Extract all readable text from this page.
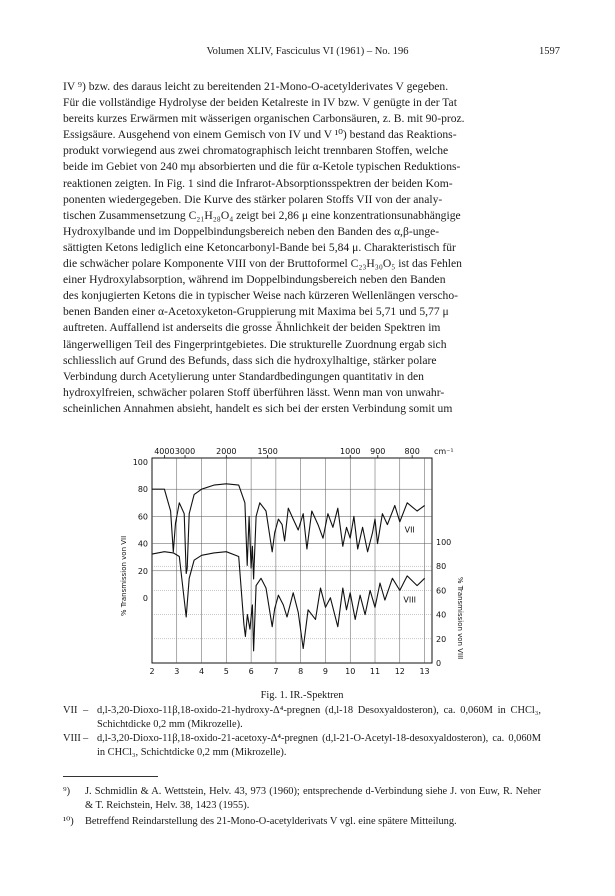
Volumen XLIV, Fasciculus VI (1961) – No. 196	1597

IV ⁹) bzw. des daraus leicht zu bereitenden 21-Mono-O-acetylderivates V gegeben.

Für die vollständige Hydrolyse der beiden Ketalreste in IV bzw. V genügte in der Tat

bereits kurzes Erwärmen mit wässerigen organischen Carbonsäuren, z. B. mit 90-proz.

Essigsäure. Ausgehend von einem Gemisch von IV und V ¹⁰) bestand das Reaktions-

produkt vorwiegend aus zwei chromatographisch leicht trennbaren Stoffen, welche

beide im Gebiet von 240 mμ absorbierten und die für α-Ketole typischen Reduktions-

reaktionen zeigten. In Fig. 1 sind die Infrarot-Absorptionsspektren der beiden Kom-

ponenten wiedergegeben. Die Kurve des stärker polaren Stoffs VII von der analy-

tischen Zusammensetzung C₂₁H₂₈O₄ zeigt bei 2,86 μ eine konzentrationsunabhängige

Hydroxylbande und im Doppelbindungsbereich neben den Banden des α,β-unge-

sättigten Ketons lediglich eine Ketoncarbonyl-Bande bei 5,84 μ. Charakteristisch für

die schwächer polare Komponente VIII von der Bruttoformel C₂₃H₃₀O₅ ist das Fehlen

einer Hydroxylabsorption, während im Doppelbindungsbereich neben den Banden

des konjugierten Ketons die in typischer Weise nach kürzeren Wellenlängen verscho-

benen Banden einer α-Acetoxyketon-Gruppierung mit Maxima bei 5,71 und 5,77 μ

auftreten. Auffallend ist anderseits die grosse Ähnlichkeit der beiden Spektren im

längerwelligen Teil des Fingerprintgebietes. Die strukturelle Zuordnung ergab sich

schliesslich auf Grund des Befunds, dass sich die hydroxylhaltige, stärker polare

Verbindung durch Acetylierung unter Standardbedingungen quantitativ in den

hydroxylfreien, schwächer polaren Stoff überführen lässt. Wenn man von unwahr-

scheinlichen Annahmen absieht, handelt es sich bei der ersten Verbindung somit um

100
80
60
40
20
0
100
80
60
40
20
0
2 3 4 5 6 7 8 9 10 11 12 13
4000 3000	2000	1500	1000 900 800 cm⁻¹
VII
VIII
% Transmission von VII
% Transmission von VIII
Fig. 1. IR.-Spektren
VII – d,l-3,20-Dioxo-11β,18-oxido-21-hydroxy-Δ⁴-pregnen (d,l-18 Desoxyaldosteron), ca. 0,060M in CHCl₃, Schichtdicke 0,2 mm (Mikrozelle).
VIII – d,l-3,20-Dioxo-11β,18-oxido-21-acetoxy-Δ⁴-pregnen (d,l-21-O-Acetyl-18-desoxyaldosteron), ca. 0,060M in CHCl₃, Schichtdicke 0,2 mm (Mikrozelle).
⁹)	J. Schmidlin & A. Wettstein, Helv. 43, 973 (1960); entsprechende d-Verbindung siehe J. von Euw, R. Neher & T. Reichstein, Helv. 38, 1423 (1955).
¹⁰)	Betreffend Reindarstellung des 21-Mono-O-acetylderivats V vgl. eine spätere Mitteilung.
